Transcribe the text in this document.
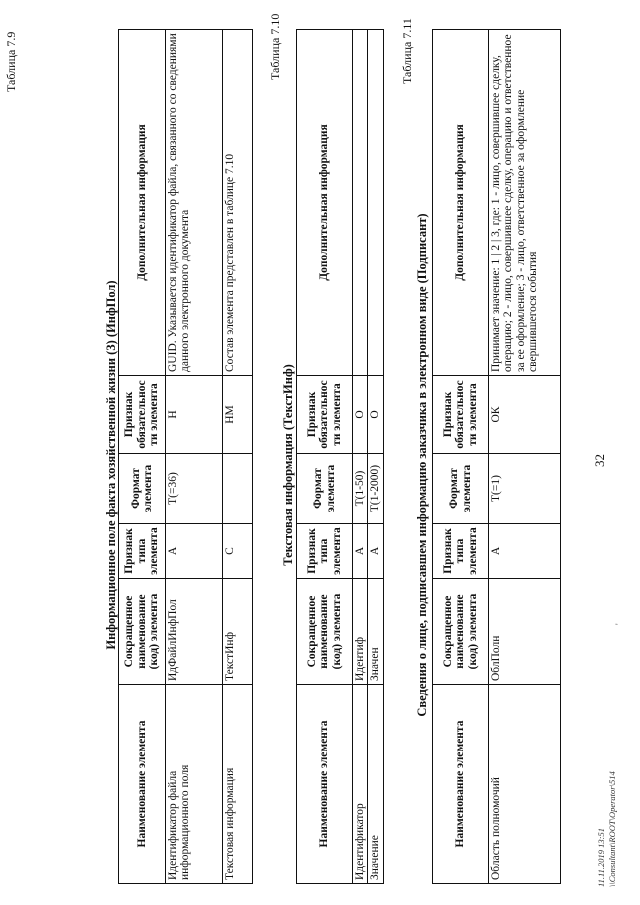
32
Таблица 7.9
Информационное поле факта хозяйственной жизни (3) (ИнфПол)
Наименование элемента	Сокращенное наименование (код) элемента	Признак типа элемента	Формат элемента	Признак обязательности элемента	Дополнительная информация
Идентификатор файла информационного поля	ИдФайлИнфПол	А	T(=36)	Н	GUID. Указывается идентификатор файла, связанного со сведениями данного электронного документа
Текстовая информация	ТекстИнф	С		НМ	Состав элемента представлен в таблице 7.10
Таблица 7.10
Текстовая информация (ТекстИнф)
Наименование элемента	Сокращенное наименование (код) элемента	Признак типа элемента	Формат элемента	Признак обязательности элемента	Дополнительная информация
Идентификатор	Идентиф	А	T(1-50)	О	
Значение	Значен	А	T(1-2000)	О	
Таблица 7.11
Сведения о лице, подписавшем информацию заказчика в электронном виде (Подписант)
Наименование элемента	Сокращенное наименование (код) элемента	Признак типа элемента	Формат элемента	Признак обязательности элемента	Дополнительная информация
Область полномочий	ОблПолн	А	T(=1)	ОК	Принимает значение: 1 | 2 | 3, где: 1 - лицо, совершившее сделку, операцию; 2 - лицо, совершившее сделку, операцию и ответственное за ее оформление; 3 - лицо, ответственное за оформление свершившегося события
11.11.2019 13:51 \\Consultant\ROOT\Operator\514
'
